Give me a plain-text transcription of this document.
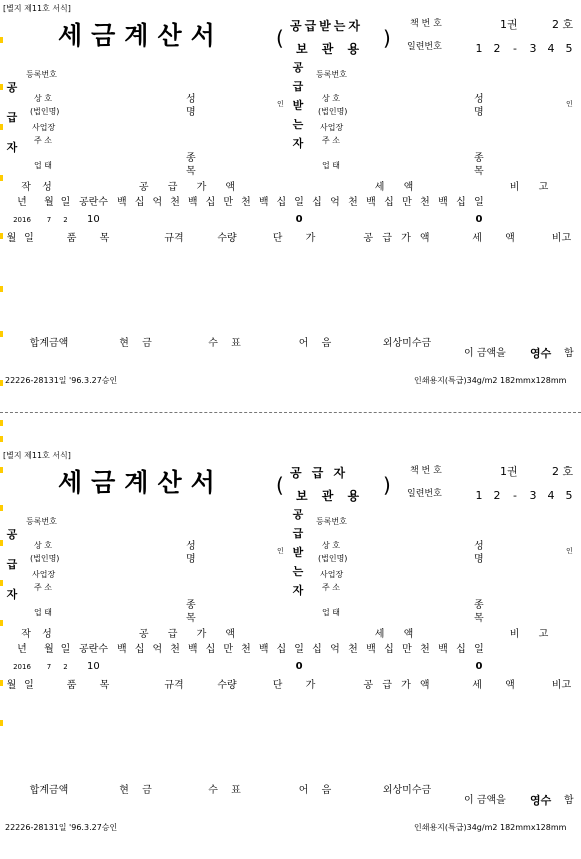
[별지 제11호 서식]
세금계산서	공급받는자
보 관 용
(	)
책 번 호
일련번호
1권	2 호
1	2	-	3	4	5
공
급
자
공
급
받
는
자
등록번호
상 호
(법인명)
사업장
주 소
업 태
성
명
인
종
목
등록번호
상 호
(법인명)
사업장
주 소
업 태
성
명
인
종
목
작 성	공 급 가 액	세 액	비 고
년	월 일 공란수 백 십 억 천 백 십 만 천 백 십 일 십 억 천 백 십 만 천 백 십 일
2016	7	2	10	0	0
월 일	품 목	규격	수량	단 가	공 급 가 액	세 액	비고
합계금액	현 금	수 표	어 음	외상미수금
이 금액을 영수 함
22226-28131일 '96.3.27승인	인쇄용지(특급)34g/m2 182mmx128mm
[별지 제11호 서식]
세금계산서	공 급 자
보 관 용
(	)
책 번 호
일련번호
1권	2 호
1	2	-	3	4	5
공
급
자
공
급
받
는
자
등록번호
상 호
(법인명)
사업장
주 소
업 태
성
명
인
종
목
등록번호
상 호
(법인명)
사업장
주 소
업 태
성
명
인
종
목
작 성	공 급 가 액	세 액	비 고
년	월 일 공란수 백 십 억 천 백 십 만 천 백 십 일 십 억 천 백 십 만 천 백 십 일
2016	7	2	10	0	0
월 일	품 목	규격	수량	단 가	공 급 가 액	세 액	비고
합계금액	현 금	수 표	어 음	외상미수금
이 금액을 영수 함
22226-28131일 '96.3.27승인	인쇄용지(특급)34g/m2 182mmx128mm
